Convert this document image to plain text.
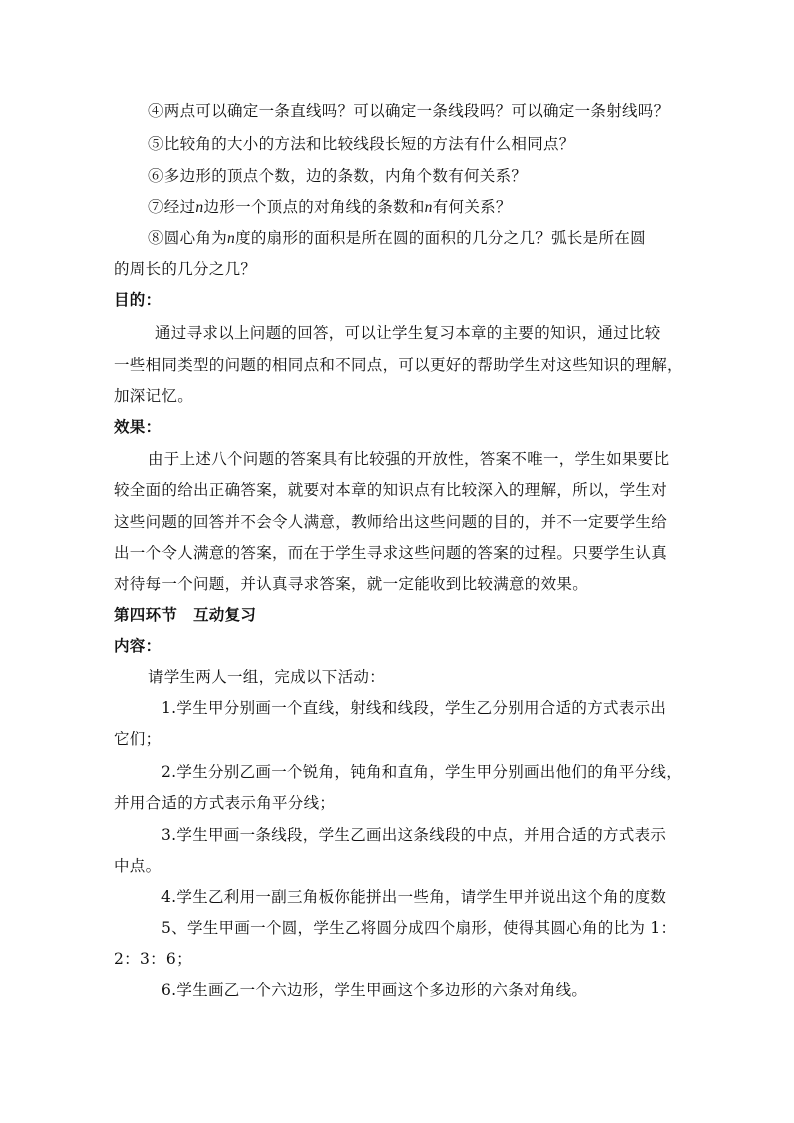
④两点可以确定一条直线吗？可以确定一条线段吗？可以确定一条射线吗？
⑤比较角的大小的方法和比较线段长短的方法有什么相同点？
⑥多边形的顶点个数，边的条数，内角个数有何关系？
⑦经过n边形一个顶点的对角线的条数和n有何关系？
⑧圆心角为n度的扇形的面积是所在圆的面积的几分之几？弧长是所在圆
的周长的几分之几？
目的：
通过寻求以上问题的回答，可以让学生复习本章的主要的知识，通过比较
一些相同类型的问题的相同点和不同点，可以更好的帮助学生对这些知识的理解，
加深记忆。
效果：
由于上述八个问题的答案具有比较强的开放性，答案不唯一，学生如果要比
较全面的给出正确答案，就要对本章的知识点有比较深入的理解，所以，学生对
这些问题的回答并不会令人满意，教师给出这些问题的目的，并不一定要学生给
出一个令人满意的答案，而在于学生寻求这些问题的答案的过程。只要学生认真
对待每一个问题，并认真寻求答案，就一定能收到比较满意的效果。
第四环节　互动复习
内容：
请学生两人一组，完成以下活动：
1.学生甲分别画一个直线，射线和线段，学生乙分别用合适的方式表示出
它们；
2.学生分别乙画一个锐角，钝角和直角，学生甲分别画出他们的角平分线，
并用合适的方式表示角平分线；
3.学生甲画一条线段，学生乙画出这条线段的中点，并用合适的方式表示
中点。
4.学生乙利用一副三角板你能拼出一些角，请学生甲并说出这个角的度数
5、学生甲画一个圆，学生乙将圆分成四个扇形，使得其圆心角的比为 1：
2：3：6；
6.学生画乙一个六边形，学生甲画这个多边形的六条对角线。
